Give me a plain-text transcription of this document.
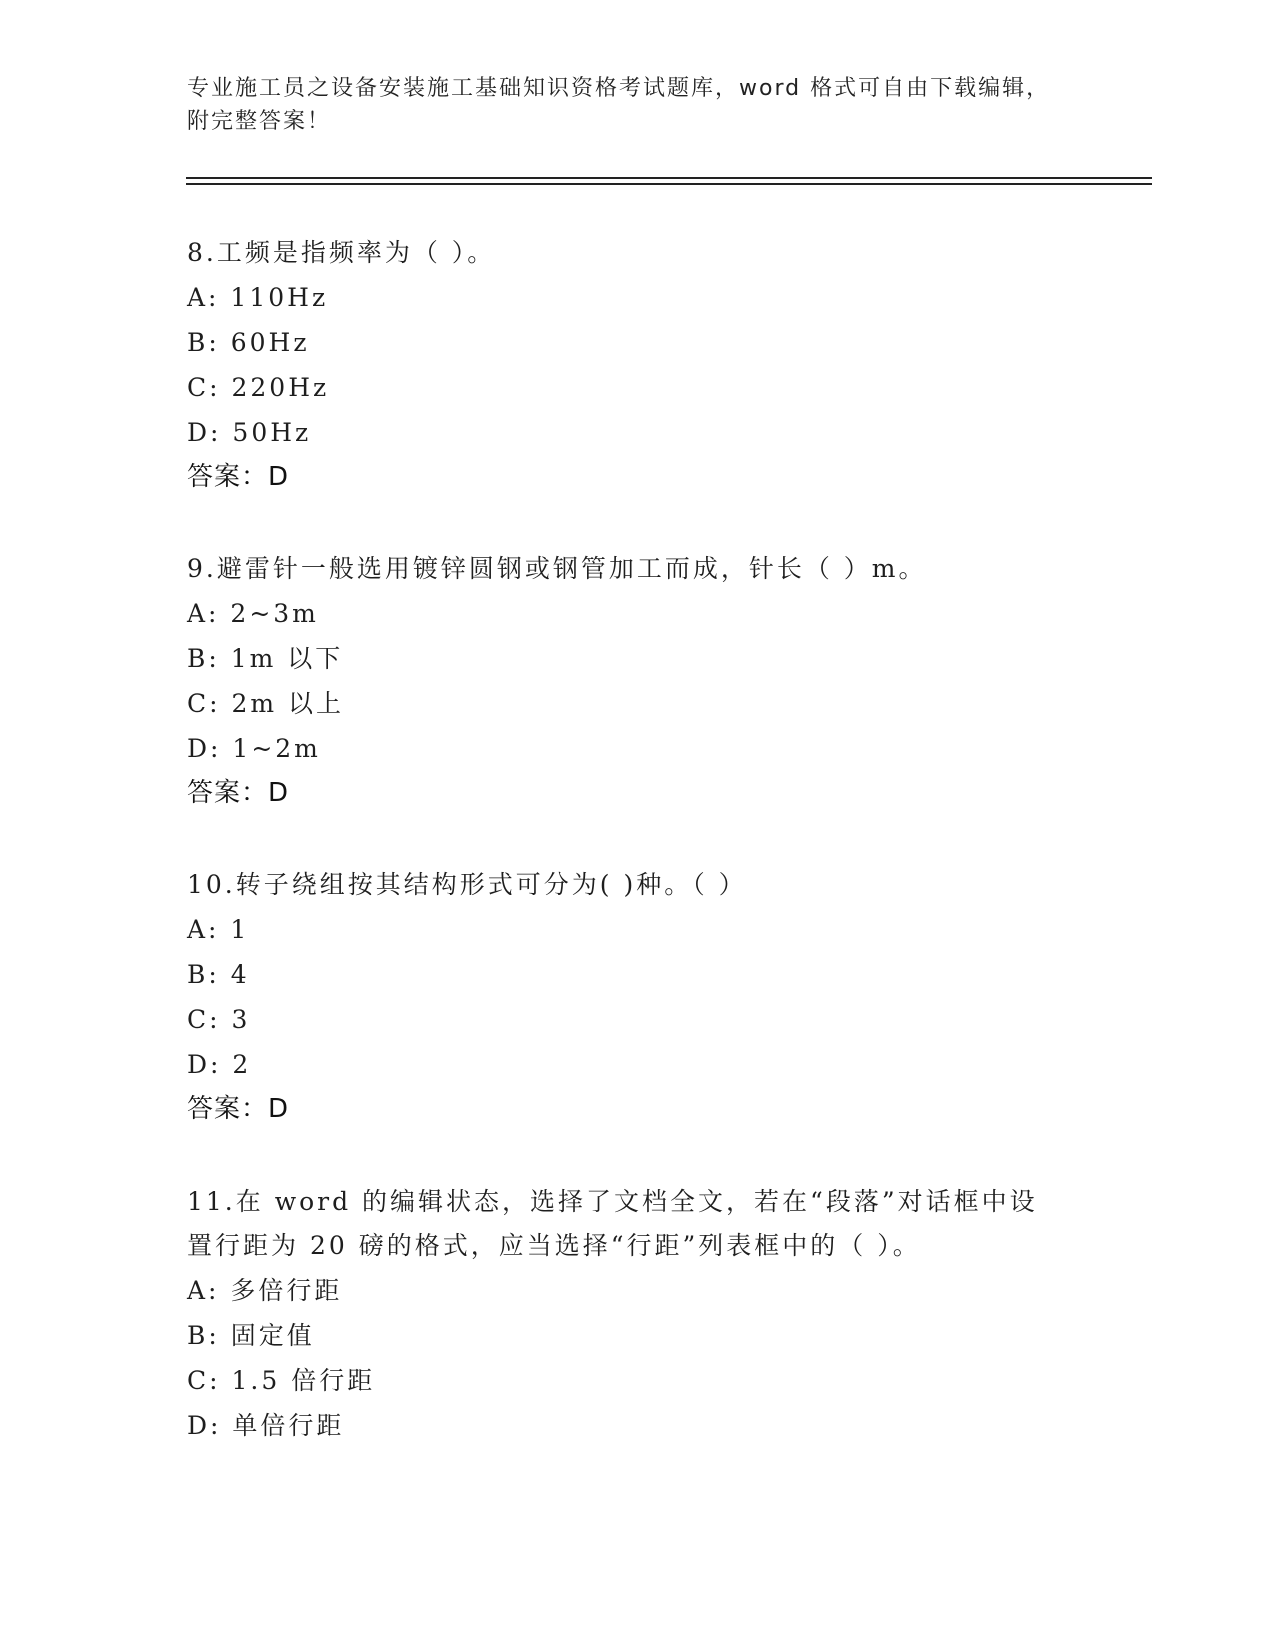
专业施工员之设备安装施工基础知识资格考试题库，word 格式可自由下载编辑，
附完整答案！
8.工频是指频率为（ ）。
A: 110Hz
B: 60Hz
C: 220Hz
D: 50Hz
答案：D
9.避雷针一般选用镀锌圆钢或钢管加工而成，针长（ ）m。
A: 2~3m
B: 1m 以下
C: 2m 以上
D: 1~2m
答案：D
10.转子绕组按其结构形式可分为( )种。（ ）
A: 1
B: 4
C: 3
D: 2
答案：D
11.在 word 的编辑状态，选择了文档全文，若在“段落”对话框中设
置行距为 20 磅的格式，应当选择“行距”列表框中的（ ）。
A: 多倍行距
B: 固定值
C: 1.5 倍行距
D: 单倍行距
